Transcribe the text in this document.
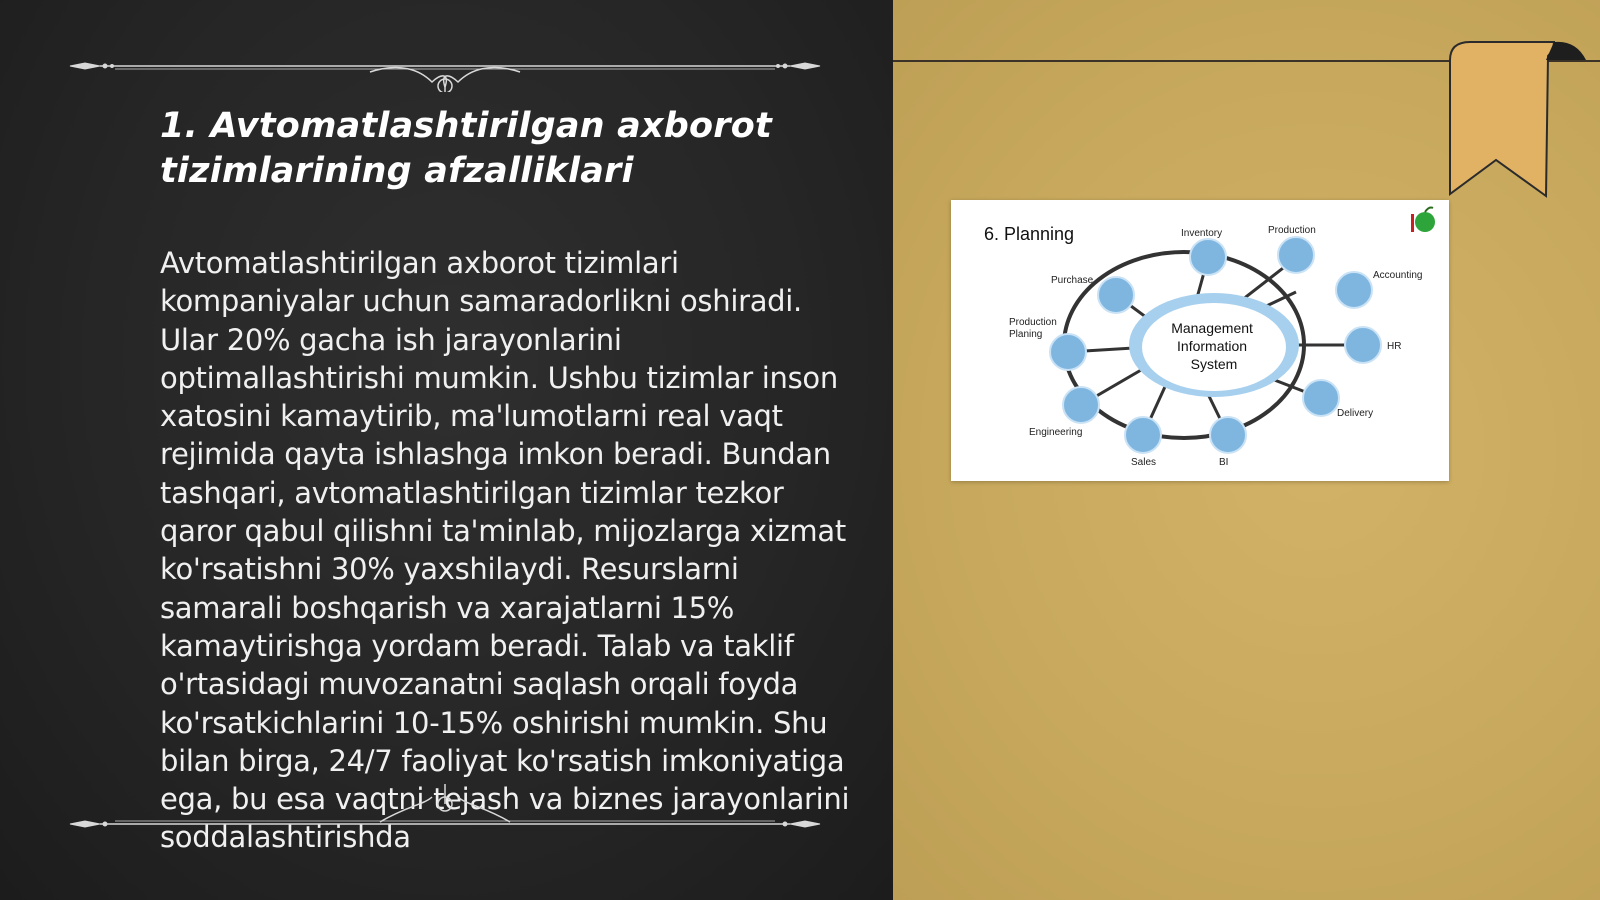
1. Avtomatlashtirilgan axborot tizimlarining afzalliklari

Avtomatlashtirilgan axborot tizimlari kompaniyalar uchun samaradorlikni oshiradi. Ular 20% gacha ish jarayonlarini optimallashtirishi mumkin. Ushbu tizimlar inson xatosini kamaytirib, ma'lumotlarni real vaqt rejimida qayta ishlashga imkon beradi. Bundan tashqari, avtomatlashtirilgan tizimlar tezkor qaror qabul qilishni ta'minlab, mijozlarga xizmat ko'rsatishni 30% yaxshilaydi. Resurslarni samarali boshqarish va xarajatlarni 15% kamaytirishga yordam beradi. Talab va taklif o'rtasidagi muvozanatni saqlash orqali foyda ko'rsatkichlarini 10-15% oshirishi mumkin. Shu bilan birga, 24/7 faoliyat ko'rsatish imkoniyatiga ega, bu esa vaqtni tejash va biznes jarayonlarini soddalashtirishda

6. Planning
Management Information System
Inventory	Production
Accounting
HR
Delivery
BI
Sales
Engineering
Production Planing
Purchase
